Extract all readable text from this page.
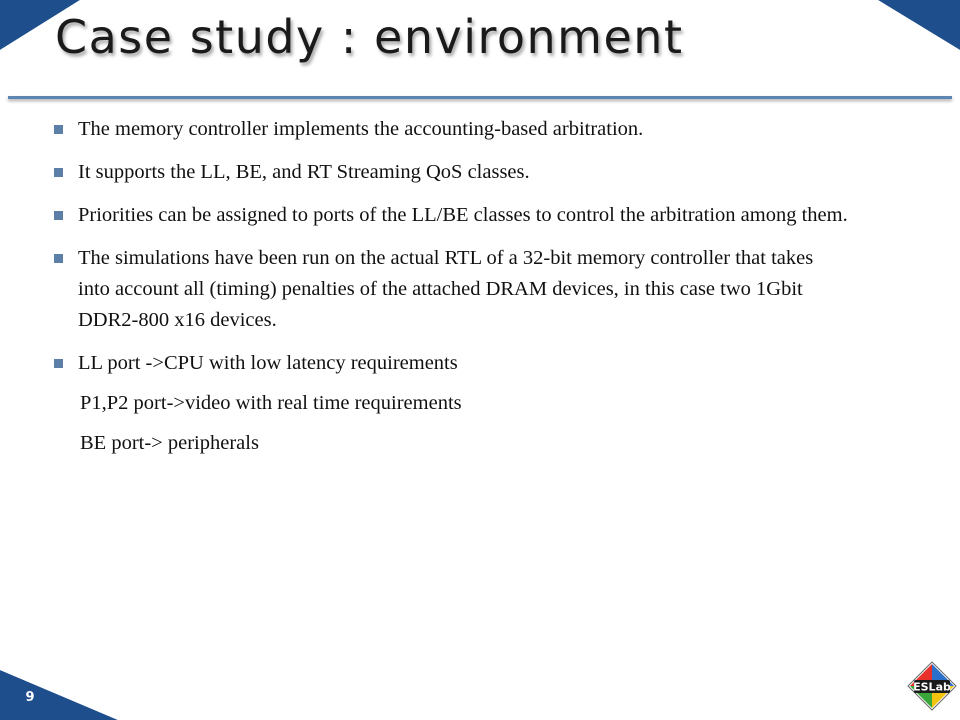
Case study : environment
The memory controller implements the accounting-based arbitration.
It supports the LL, BE, and RT Streaming QoS classes.
Priorities can be assigned to ports of the LL/BE classes to control the arbitration among them.
The simulations have been run on the actual RTL of a 32-bit memory controller that takes into account all (timing) penalties of the attached DRAM devices, in this case two 1Gbit DDR2-800 x16 devices.
LL port ->CPU with low latency requirements
P1,P2 port->video with real time requirements
BE port-> peripherals
9
ESLab
